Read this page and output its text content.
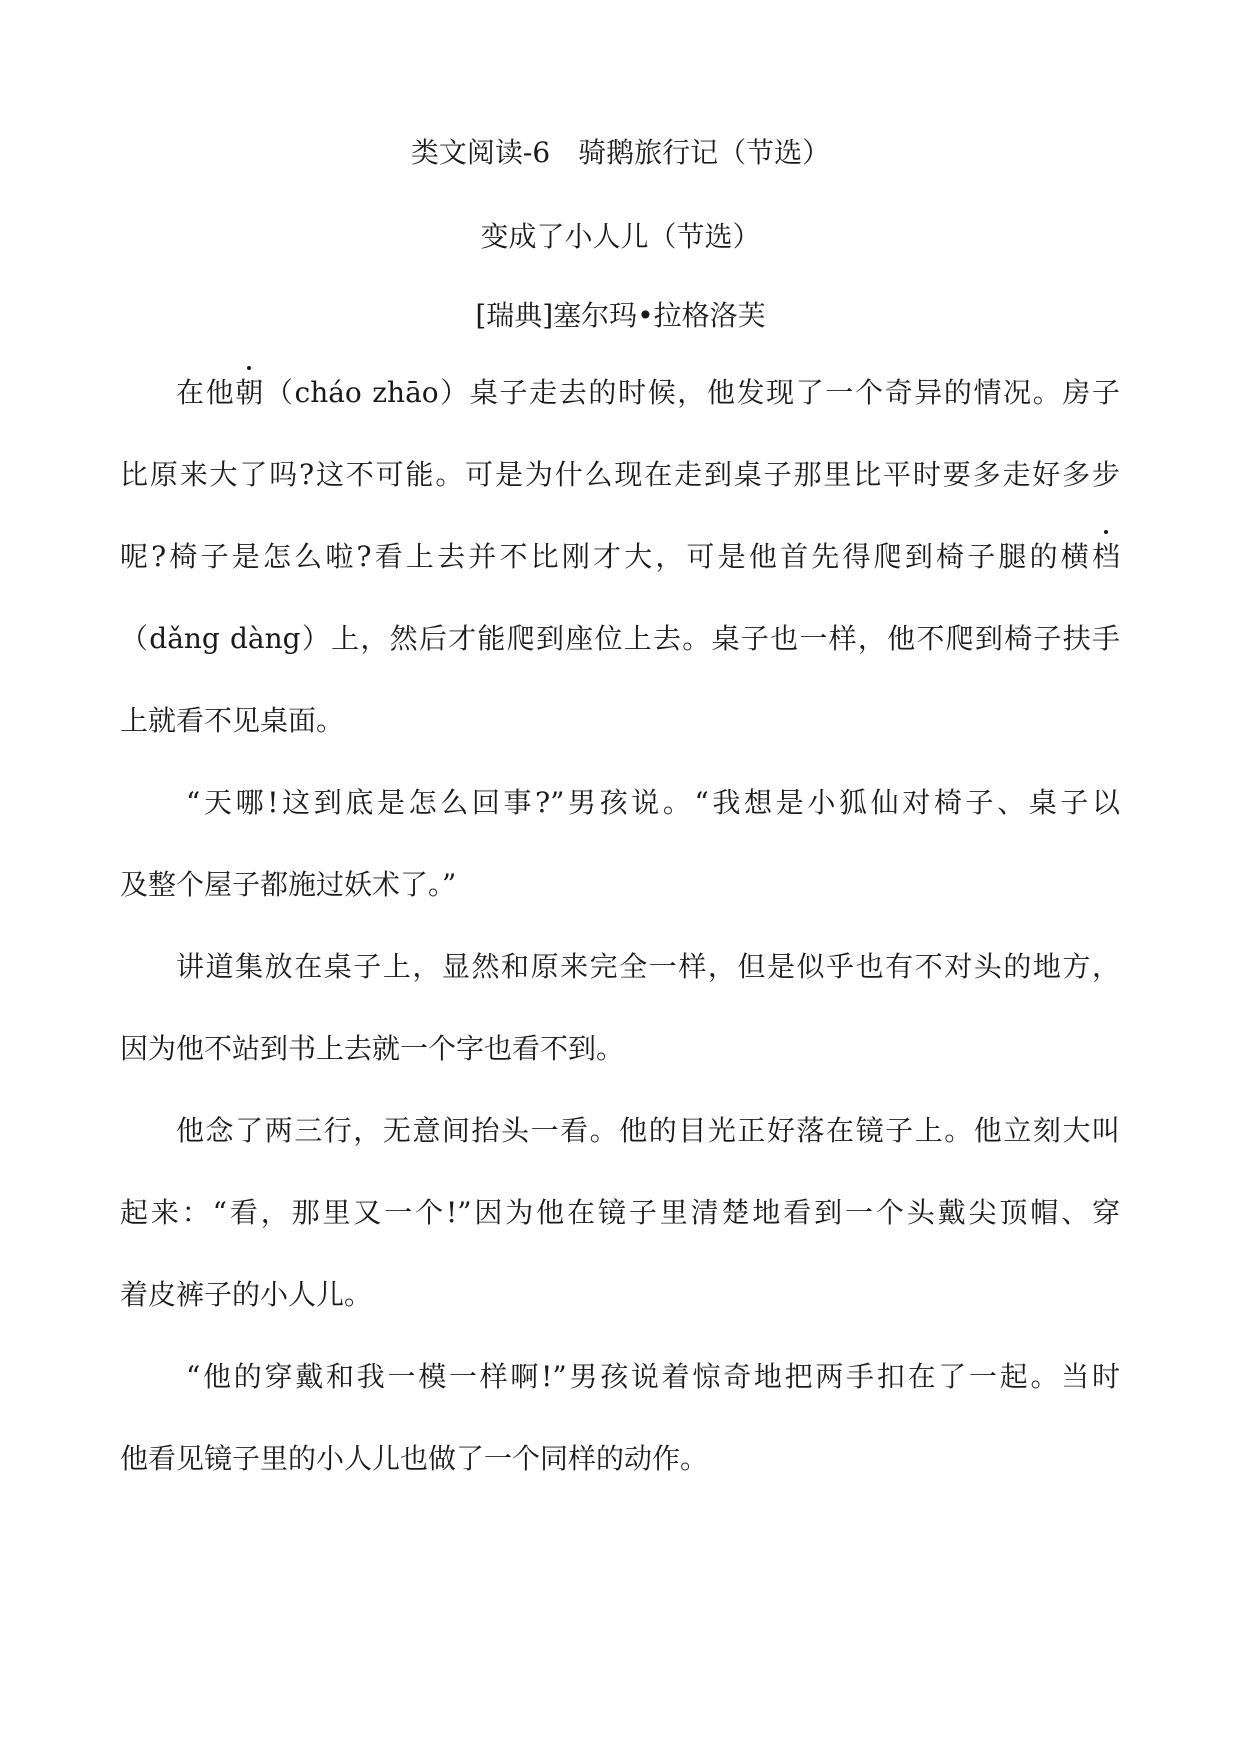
类文阅读-6　骑鹅旅行记（节选）
变成了小人儿（节选）
[瑞典]塞尔玛•拉格洛芙
在他朝（cháo zhāo）桌子走去的时候，他发现了一个奇异的情况。房子
比原来大了吗?这不可能。可是为什么现在走到桌子那里比平时要多走好多步
呢?椅子是怎么啦?看上去并不比刚才大，可是他首先得爬到椅子腿的横档
（dǎng dàng）上，然后才能爬到座位上去。桌子也一样，他不爬到椅子扶手
上就看不见桌面。
“天哪!这到底是怎么回事?”男孩说。“我想是小狐仙对椅子、桌子以
及整个屋子都施过妖术了。”
讲道集放在桌子上，显然和原来完全一样，但是似乎也有不对头的地方，
因为他不站到书上去就一个字也看不到。
他念了两三行，无意间抬头一看。他的目光正好落在镜子上。他立刻大叫
起来：“看，那里又一个!”因为他在镜子里清楚地看到一个头戴尖顶帽、穿
着皮裤子的小人儿。
“他的穿戴和我一模一样啊!”男孩说着惊奇地把两手扣在了一起。当时
他看见镜子里的小人儿也做了一个同样的动作。
